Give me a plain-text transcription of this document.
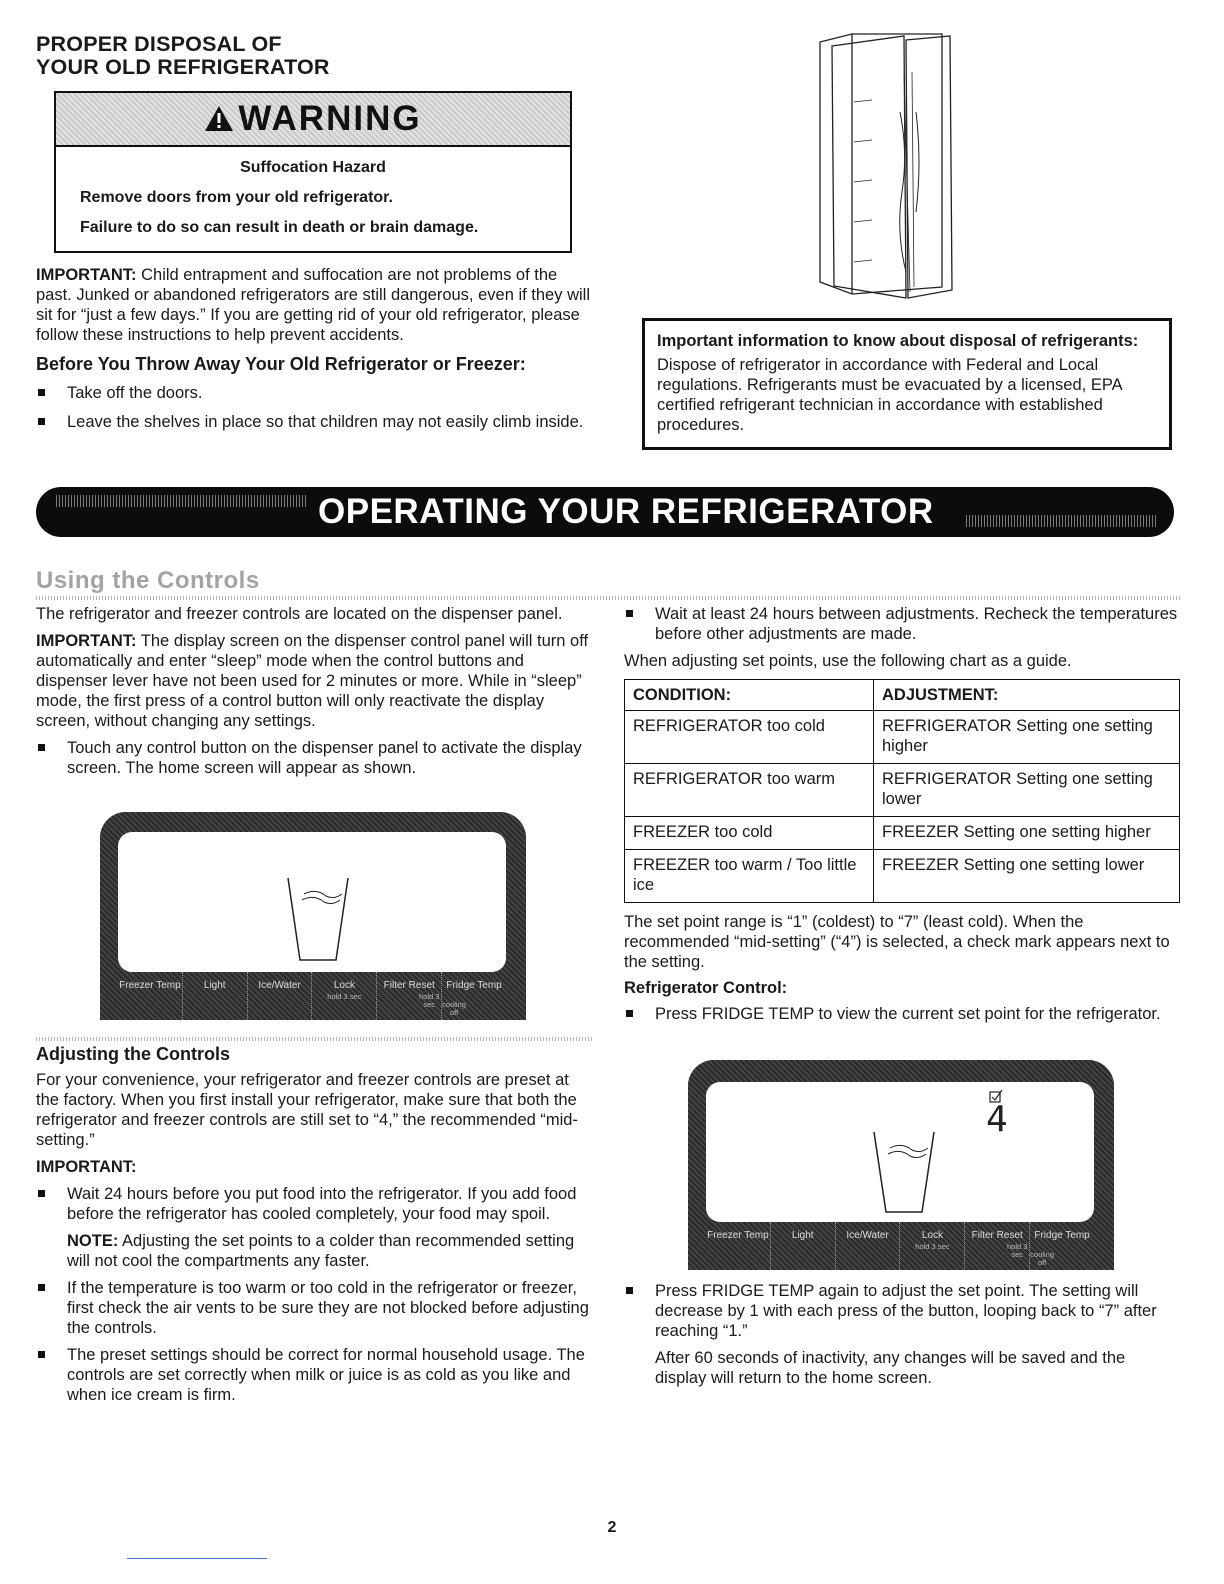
PROPER DISPOSAL OF
YOUR OLD REFRIGERATOR
WARNING

Suffocation Hazard

Remove doors from your old refrigerator.

Failure to do so can result in death or brain damage.

IMPORTANT: Child entrapment and suffocation are not problems of the past. Junked or abandoned refrigerators are still dangerous, even if they will sit for “just a few days.” If you are getting rid of your old refrigerator, please follow these instructions to help prevent accidents.

Before You Throw Away Your Old Refrigerator or Freezer:

Take off the doors.

Leave the shelves in place so that children may not easily climb inside.

Important information to know about disposal of refrigerants:

Dispose of refrigerator in accordance with Federal and Local regulations. Refrigerants must be evacuated by a licensed, EPA certified refrigerant technician in accordance with established procedures.

OPERATING YOUR REFRIGERATOR
Using the Controls

The refrigerator and freezer controls are located on the dispenser panel.

IMPORTANT: The display screen on the dispenser control panel will turn off automatically and enter “sleep” mode when the control buttons and dispenser lever have not been used for 2 minutes or more. While in “sleep” mode, the first press of a control button will only reactivate the display screen, without changing any settings.

Touch any control button on the dispenser panel to activate the display screen. The home screen will appear as shown.

Freezer Temp	Light	Ice/Water	Lock
hold 3 sec
Filter Reset
hold 3 sec
Fridge Temp
cooling off

Adjusting the Controls

For your convenience, your refrigerator and freezer controls are preset at the factory. When you first install your refrigerator, make sure that both the refrigerator and freezer controls are still set to “4,” the recommended “mid-setting.”

IMPORTANT:

Wait 24 hours before you put food into the refrigerator. If you add food before the refrigerator has cooled completely, your food may spoil.

NOTE: Adjusting the set points to a colder than recommended setting will not cool the compartments any faster.

If the temperature is too warm or too cold in the refrigerator or freezer, first check the air vents to be sure they are not blocked before adjusting the controls.

The preset settings should be correct for normal household usage. The controls are set correctly when milk or juice is as cold as you like and when ice cream is firm.

Wait at least 24 hours between adjustments. Recheck the temperatures before other adjustments are made.

When adjusting set points, use the following chart as a guide.

CONDITION:	ADJUSTMENT:
REFRIGERATOR too cold	REFRIGERATOR Setting one setting higher
REFRIGERATOR too warm	REFRIGERATOR Setting one setting lower
FREEZER too cold	FREEZER Setting one setting higher
FREEZER too warm / Too little ice	FREEZER Setting one setting lower

The set point range is “1” (coldest) to “7” (least cold). When the recommended “mid-setting” (“4”) is selected, a check mark appears next to the setting.

Refrigerator Control:

Press FRIDGE TEMP to view the current set point for the refrigerator.

4
Freezer Temp	Light	Ice/Water	Lock
hold 3 sec
Filter Reset
hold 3 sec
Fridge Temp
cooling off

Press FRIDGE TEMP again to adjust the set point. The setting will decrease by 1 with each press of the button, looping back to “7” after reaching “1.”

After 60 seconds of inactivity, any changes will be saved and the display will return to the home screen.

2
